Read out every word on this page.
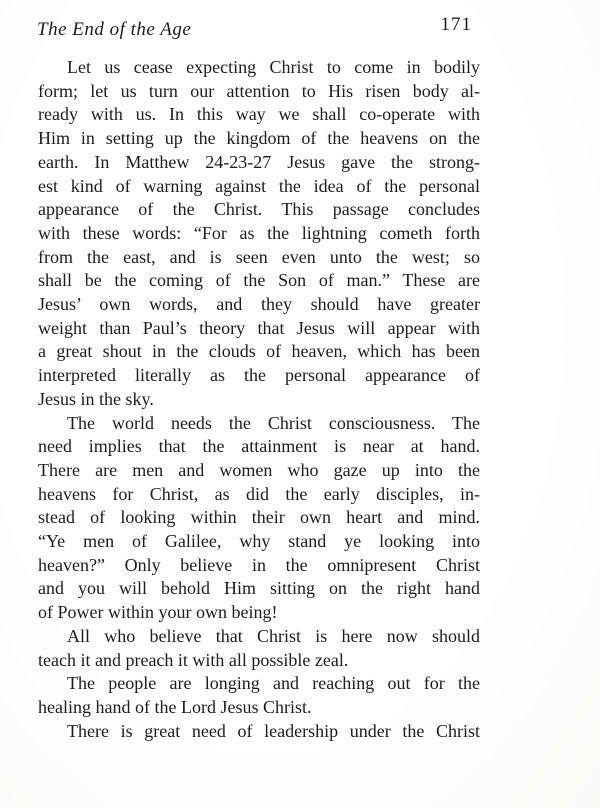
The End of the Age	171
Let us cease expecting Christ to come in bodily
form; let us turn our attention to His risen body al-
ready with us. In this way we shall co-operate with
Him in setting up the kingdom of the heavens on the
earth. In Matthew 24-23-27 Jesus gave the strong-
est kind of warning against the idea of the personal
appearance of the Christ. This passage concludes
with these words: “For as the lightning cometh forth
from the east, and is seen even unto the west; so
shall be the coming of the Son of man.” These are
Jesus’ own words, and they should have greater
weight than Paul’s theory that Jesus will appear with
a great shout in the clouds of heaven, which has been
interpreted literally as the personal appearance of
Jesus in the sky.
The world needs the Christ consciousness. The
need implies that the attainment is near at hand.
There are men and women who gaze up into the
heavens for Christ, as did the early disciples, in-
stead of looking within their own heart and mind.
“Ye men of Galilee, why stand ye looking into
heaven?” Only believe in the omnipresent Christ
and you will behold Him sitting on the right hand
of Power within your own being!
All who believe that Christ is here now should
teach it and preach it with all possible zeal.
The people are longing and reaching out for the
healing hand of the Lord Jesus Christ.
There is great need of leadership under the Christ
